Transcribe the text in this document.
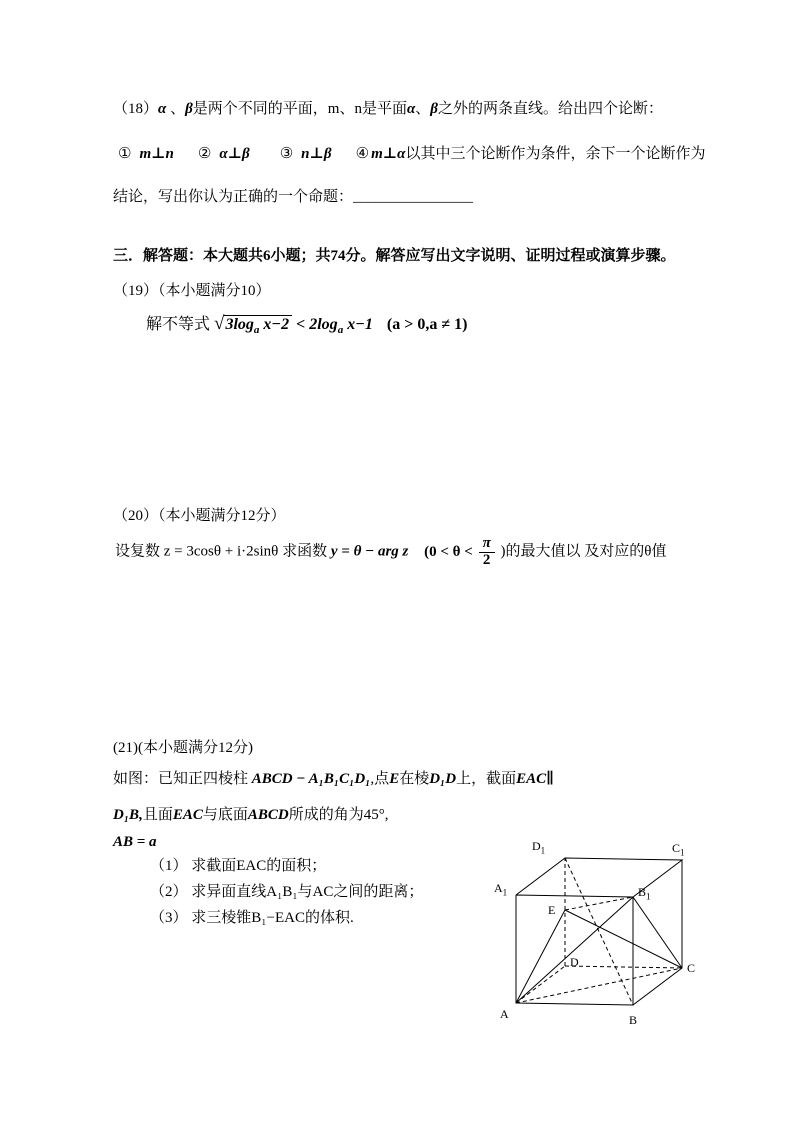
（18）α 、β是两个不同的平面，m、n是平面α、β之外的两条直线。给出四个论断：
① m⊥n ② α⊥β ③ n⊥β ④ m⊥α以其中三个论断作为条件，余下一个论断作为
结论，写出你认为正确的一个命题：________________
三．解答题：本大题共6小题；共74分。解答应写出文字说明、证明过程或演算步骤。
（19）（本小题满分10）
解不等式 $√3\log_a$ $x-2 < 2\log_a$ x−1 (a > 0,a ≠ 1)
（20）（本小题满分12分）
设复数 z = 3cosθ + i·2sinθ 求函数 y = θ − arg z ($0 < \theta < \frac{\pi}{2}$ )的最大值以 及对应的θ值
(21)(本小题满分12分)
如图：已知正四棱柱 ABCD − A₁B₁C₁D₁,点E在棱D₁D上，截面EAC∥
D₁B,且面EAC与底面ABCD所成的角为45°,
AB = a
（1） 求截面EAC的面积；
（2） 求异面直线A₁B₁与AC之间的距离；
（3） 求三棱锥B₁−EAC的体积.
$D_1$	$C_1$
$A_1$	$B_1$
E
D	C
A	B
